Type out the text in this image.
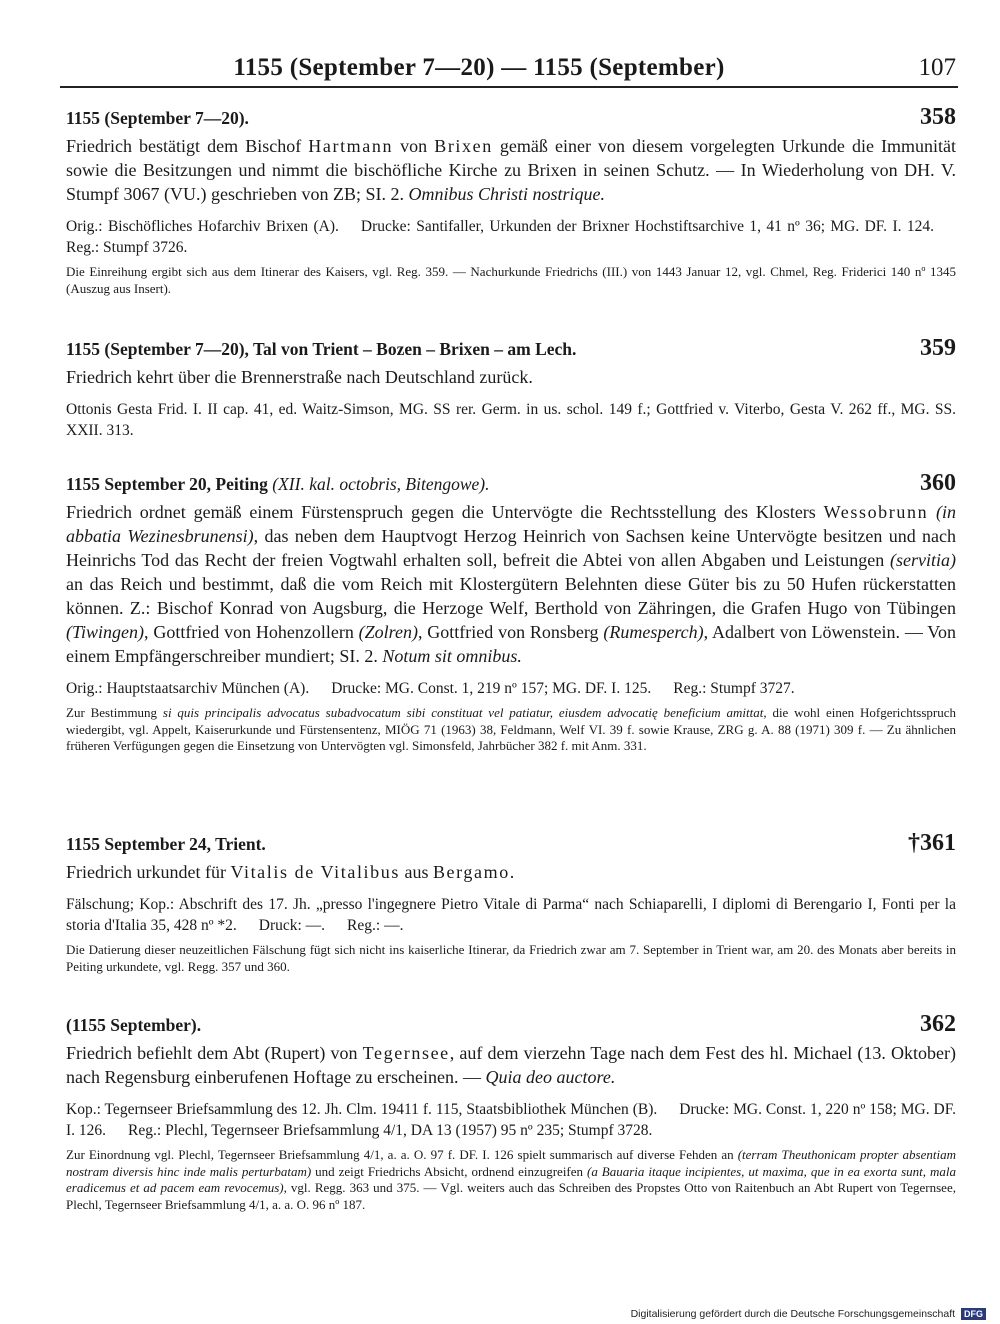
1155 (September 7—20) — 1155 (September)	107
1155 (September 7—20).	358

Friedrich bestätigt dem Bischof Hartmann von Brixen gemäß einer von diesem vorgelegten Urkunde die Immunität sowie die Besitzungen und nimmt die bischöfliche Kirche zu Brixen in seinen Schutz. — In Wiederholung von DH. V. Stumpf 3067 (VU.) geschrieben von ZB; SI. 2. Omnibus Christi nostrique.

Orig.: Bischöfliches Hofarchiv Brixen (A). Drucke: Santifaller, Urkunden der Brixner Hochstiftsarchive 1, 41 nº 36; MG. DF. I. 124.Reg.: Stumpf 3726.

Die Einreihung ergibt sich aus dem Itinerar des Kaisers, vgl. Reg. 359. — Nachurkunde Friedrichs (III.) von 1443 Januar 12, vgl. Chmel, Reg. Friderici 140 nº 1345 (Auszug aus Insert).

1155 (September 7—20), Tal von Trient – Bozen – Brixen – am Lech.	359

Friedrich kehrt über die Brennerstraße nach Deutschland zurück.

Ottonis Gesta Frid. I. II cap. 41, ed. Waitz-Simson, MG. SS rer. Germ. in us. schol. 149 f.; Gottfried v. Viterbo, Gesta V. 262 ff., MG. SS. XXII. 313.

1155 September 20, Peiting (XII. kal. octobris, Bitengowe).	360

Friedrich ordnet gemäß einem Fürstenspruch gegen die Untervögte die Rechtsstellung des Klosters Wessobrunn (in abbatia Wezinesbrunensi), das neben dem Hauptvogt Herzog Heinrich von Sachsen keine Untervögte besitzen und nach Heinrichs Tod das Recht der freien Vogtwahl erhalten soll, befreit die Abtei von allen Abgaben und Leistungen (servitia) an das Reich und bestimmt, daß die vom Reich mit Klostergütern Belehnten diese Güter bis zu 50 Hufen rückerstatten können. Z.: Bischof Konrad von Augsburg, die Herzoge Welf, Berthold von Zähringen, die Grafen Hugo von Tübingen (Tiwingen), Gottfried von Hohenzollern (Zolren), Gottfried von Ronsberg (Rumesperch), Adalbert von Löwenstein. — Von einem Empfängerschreiber mundiert; SI. 2. Notum sit omnibus.

Orig.: Hauptstaatsarchiv München (A). Drucke: MG. Const. 1, 219 nº 157; MG. DF. I. 125. Reg.: Stumpf 3727.

Zur Bestimmung si quis principalis advocatus subadvocatum sibi constituat vel patiatur, eiusdem advocatię beneficium amittat, die wohl einen Hofgerichtsspruch wiedergibt, vgl. Appelt, Kaiserurkunde und Fürstensentenz, MIÖG 71 (1963) 38, Feldmann, Welf VI. 39 f. sowie Krause, ZRG g. A. 88 (1971) 309 f. — Zu ähnlichen früheren Verfügungen gegen die Einsetzung von Untervögten vgl. Simonsfeld, Jahrbücher 382 f. mit Anm. 331.

1155 September 24, Trient.	†361

Friedrich urkundet für Vitalis de Vitalibus aus Bergamo.

Fälschung; Kop.: Abschrift des 17. Jh. „presso l'ingegnere Pietro Vitale di Parma“ nach Schiaparelli, I diplomi di Berengario I, Fonti per la storia d'Italia 35, 428 nº *2. Druck: —. Reg.: —.

Die Datierung dieser neuzeitlichen Fälschung fügt sich nicht ins kaiserliche Itinerar, da Friedrich zwar am 7. September in Trient war, am 20. des Monats aber bereits in Peiting urkundete, vgl. Regg. 357 und 360.

(1155 September).	362

Friedrich befiehlt dem Abt (Rupert) von Tegernsee, auf dem vierzehn Tage nach dem Fest des hl. Michael (13. Oktober) nach Regensburg einberufenen Hoftage zu erscheinen. — Quia deo auctore.

Kop.: Tegernseer Briefsammlung des 12. Jh. Clm. 19411 f. 115, Staatsbibliothek München (B). Drucke: MG. Const. 1, 220 nº 158; MG. DF. I. 126. Reg.: Plechl, Tegernseer Briefsammlung 4/1, DA 13 (1957) 95 nº 235; Stumpf 3728.

Zur Einordnung vgl. Plechl, Tegernseer Briefsammlung 4/1, a. a. O. 97 f. DF. I. 126 spielt summarisch auf diverse Fehden an (terram Theuthonicam propter absentiam nostram diversis hinc inde malis perturbatam) und zeigt Friedrichs Absicht, ordnend einzugreifen (a Bauaria itaque incipientes, ut maxima, que in ea exorta sunt, mala eradicemus et ad pacem eam revocemus), vgl. Regg. 363 und 375. — Vgl. weiters auch das Schreiben des Propstes Otto von Raitenbuch an Abt Rupert von Tegernsee, Plechl, Tegernseer Briefsammlung 4/1, a. a. O. 96 nº 187.

Digitalisierung gefördert durch die Deutsche Forschungsgemeinschaft DFG
